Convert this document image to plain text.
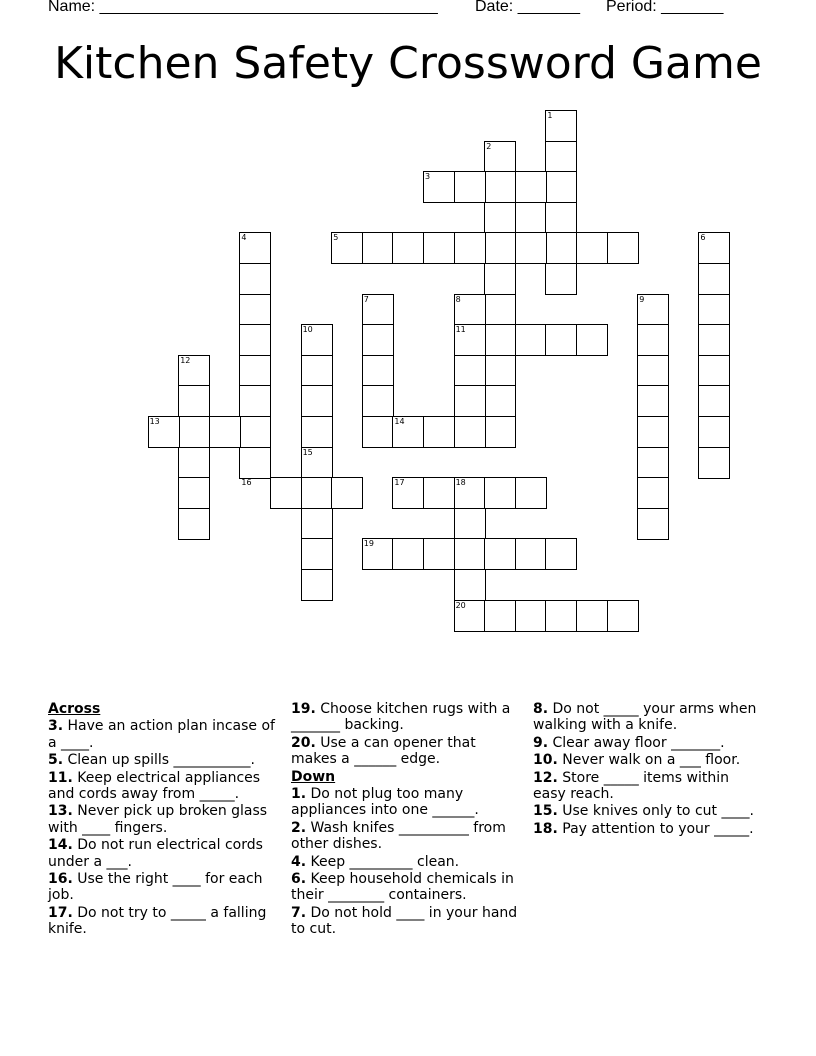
Name: ______________________________________ Date: _______ Period: _______
Kitchen Safety Crossword Game
1
2
3
4	5	6
7	8	9
10	11
12
13	14
15
16	17	18
19
20
Across
3. Have an action plan incase of a ____.
5. Clean up spills ___________.
11. Keep electrical appliances and cords away from _____.
13. Never pick up broken glass with ____ fingers.
14. Do not run electrical cords under a ___.
16. Use the right ____ for each job.
17. Do not try to _____ a falling knife.
19. Choose kitchen rugs with a _______ backing.
20. Use a can opener that makes a ______ edge.
Down
1. Do not plug too many appliances into one ______.
2. Wash knifes __________ from other dishes.
4. Keep _________ clean.
6. Keep household chemicals in their ________ containers.
7. Do not hold ____ in your hand to cut.
8. Do not _____ your arms when walking with a knife.
9. Clear away floor _______.
10. Never walk on a ___ floor.
12. Store _____ items within easy reach.
15. Use knives only to cut ____.
18. Pay attention to your _____.
